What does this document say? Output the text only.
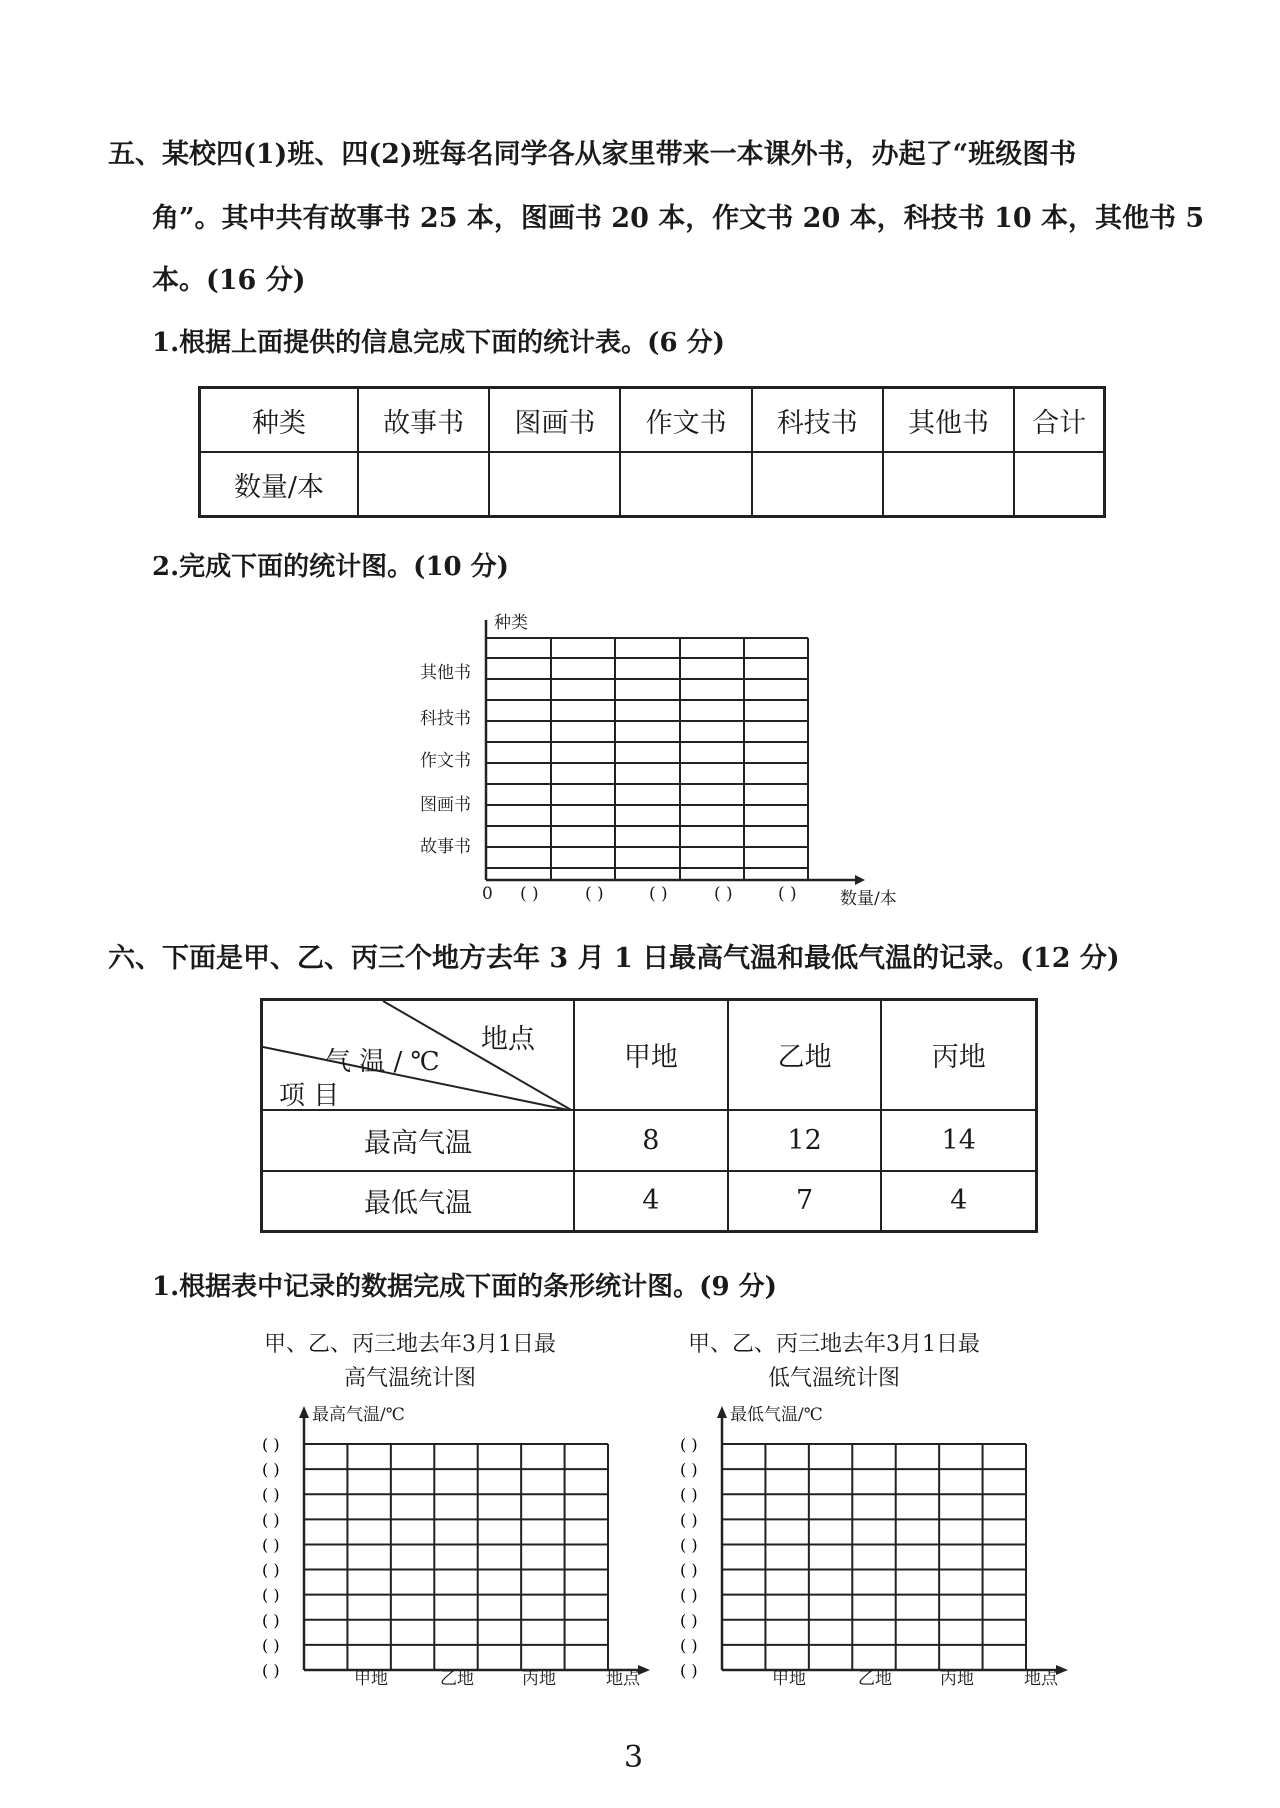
五、某校四(1)班、四(2)班每名同学各从家里带来一本课外书，办起了“班级图书
角”。其中共有故事书 25 本，图画书 20 本，作文书 20 本，科技书 10 本，其他书 5
本。(16 分)
1.根据上面提供的信息完成下面的统计表。(6 分)
种类	故事书	图画书	作文书	科技书	其他书	合计
数量/本						
2.完成下面的统计图。(10 分)
种类
其他书
科技书
作文书
图画书
故事书
0 ( )	( )	( )	( )	( )	数量/本
六、下面是甲、乙、丙三个地方去年 3 月 1 日最高气温和最低气温的记录。(12 分)
地点
气 温 / ℃
项 目	甲地	乙地	丙地
最高气温	8	12	14
最低气温	4	7	4
1.根据表中记录的数据完成下面的条形统计图。(9 分)
甲、乙、丙三地去年3月1日最
高气温统计图
最高气温/℃
( )
( )
( )
( )
( )
( )
( )
( )
( )
( )	甲地	乙地	丙地	地点
甲、乙、丙三地去年3月1日最
低气温统计图
最低气温/℃
( )
( )
( )
( )
( )
( )
( )
( )
( )
( )	甲地	乙地	丙地	地点
3
